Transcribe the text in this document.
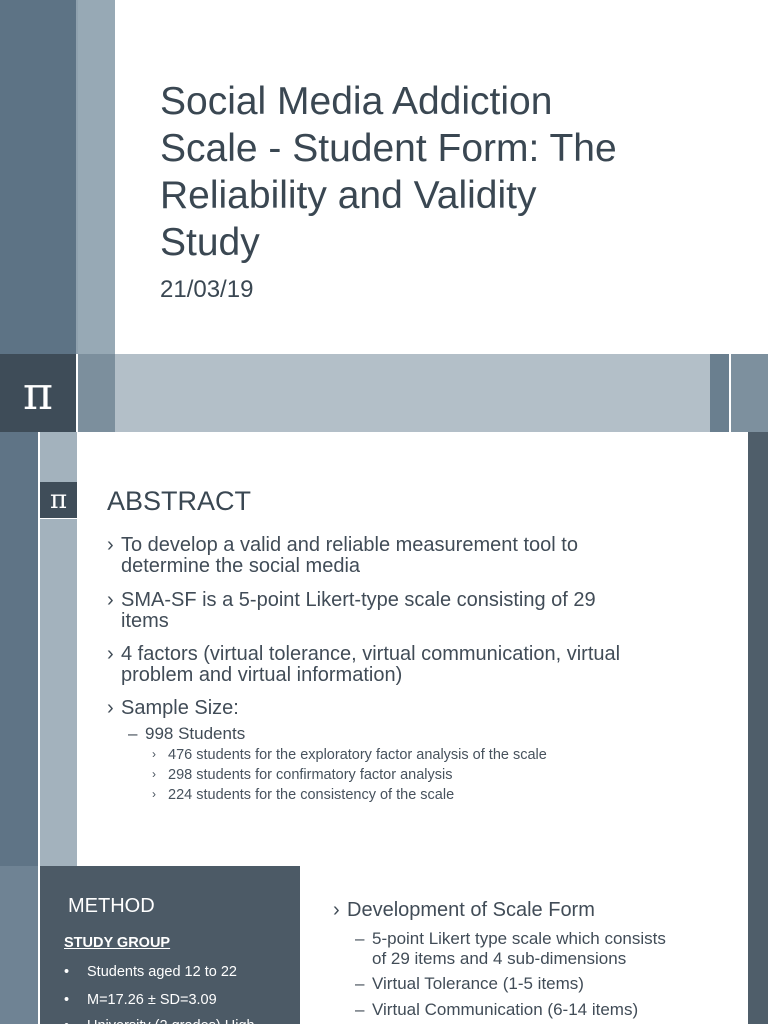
Social Media Addiction
Scale - Student Form: The
Reliability and Validity
Study
21/03/19
π
π	ABSTRACT
› To develop a valid and reliable measurement tool to
determine the social media
› SMA-SF is a 5-point Likert-type scale consisting of 29
items
› 4 factors (virtual tolerance, virtual communication, virtual
problem and virtual information)
› Sample Size:
– 998 Students
› 476 students for the exploratory factor analysis of the scale
› 298 students for confirmatory factor analysis
› 224 students for the consistency of the scale
METHOD
STUDY GROUP
• Students aged 12 to 22
• M=17.26 ± SD=3.09
• University (2 grades) High
› Development of Scale Form
– 5-point Likert type scale which consists
of 29 items and 4 sub-dimensions
– Virtual Tolerance (1-5 items)
– Virtual Communication (6-14 items)
